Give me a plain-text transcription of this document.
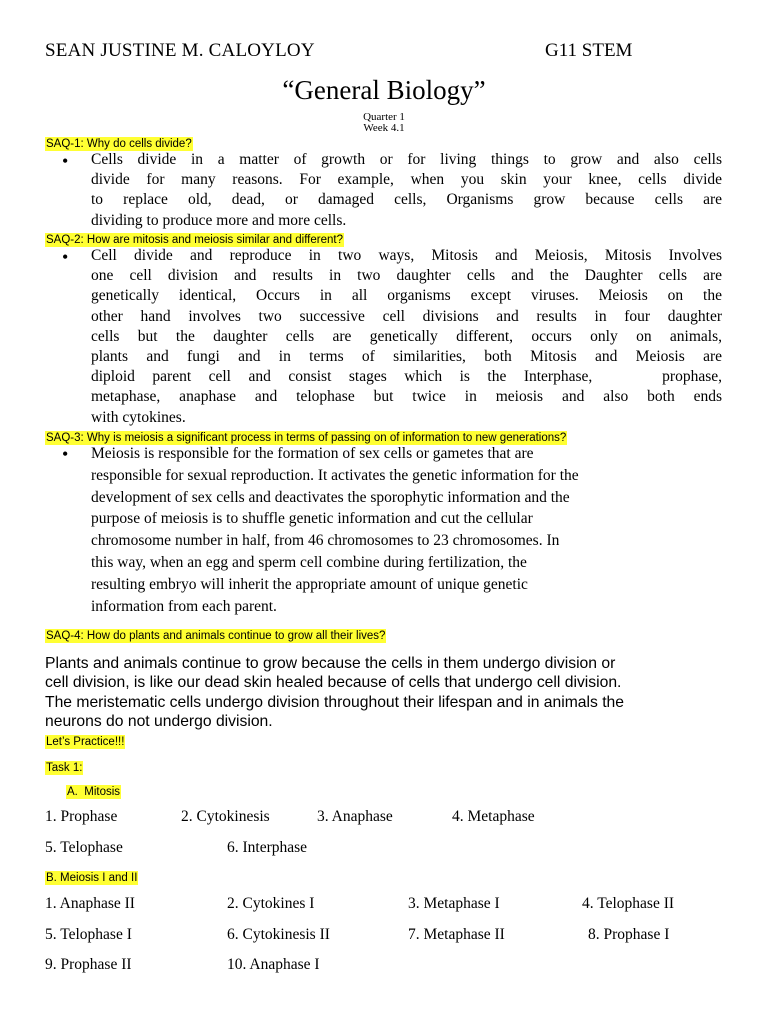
SEAN JUSTINE M. CALOYLOY	G11 STEM
“General Biology”
Quarter 1
Week 4.1
SAQ-1: Why do cells divide?
• Cells divide in a matter of growth or for living things to grow and also cells
divide for many reasons. For example, when you skin your knee, cells divide
to replace old, dead, or damaged cells, Organisms grow because cells are
dividing to produce more and more cells.
SAQ-2: How are mitosis and meiosis similar and different?
• Cell divide and reproduce in two ways, Mitosis and Meiosis, Mitosis Involves
one cell division and results in two daughter cells and the Daughter cells are
genetically identical, Occurs in all organisms except viruses. Meiosis on the
other hand involves two successive cell divisions and results in four daughter
cells but the daughter cells are genetically different, occurs only on animals,
plants and fungi and in terms of similarities, both Mitosis and Meiosis are
diploid parent cell and consist stages which is the Interphase,    prophase,
metaphase, anaphase and telophase but twice in meiosis and also both ends
with cytokines.
SAQ-3: Why is meiosis a significant process in terms of passing on of information to new generations?
• Meiosis is responsible for the formation of sex cells or gametes that are
responsible for sexual reproduction. It activates the genetic information for the
development of sex cells and deactivates the sporophytic information and the
purpose of meiosis is to shuffle genetic information and cut the cellular
chromosome number in half, from 46 chromosomes to 23 chromosomes. In
this way, when an egg and sperm cell combine during fertilization, the
resulting embryo will inherit the appropriate amount of unique genetic
information from each parent.
SAQ-4: How do plants and animals continue to grow all their lives?
Plants and animals continue to grow because the cells in them undergo division or
cell division, is like our dead skin healed because of cells that undergo cell division.
The meristematic cells undergo division throughout their lifespan and in animals the
neurons do not undergo division.
Let’s Practice!!!
Task 1:
A.  Mitosis
1. Prophase	2. Cytokinesis	3. Anaphase	4. Metaphase
5. Telophase	6. Interphase
B. Meiosis I and II
1. Anaphase II	2. Cytokines I	3. Metaphase I	4. Telophase II
5. Telophase I	6. Cytokinesis II	7. Metaphase II	8. Prophase I
9. Prophase II	10. Anaphase I
